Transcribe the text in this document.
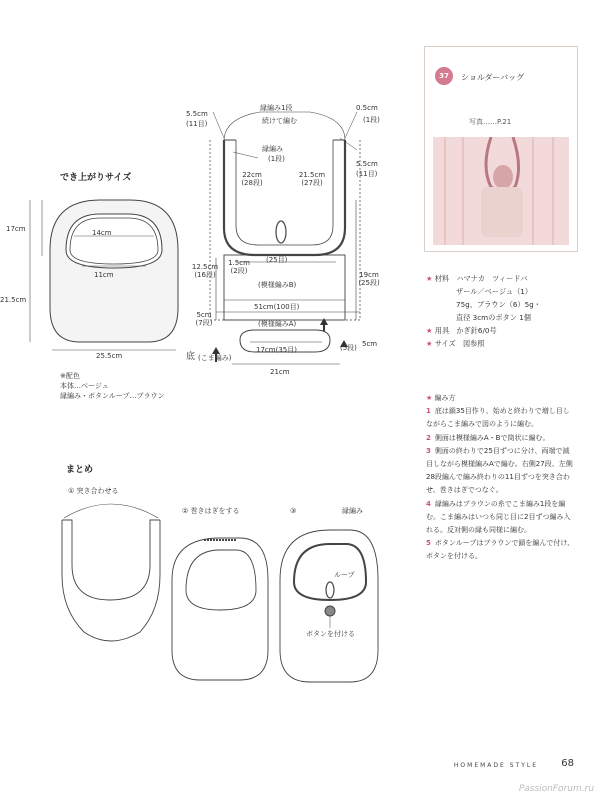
でき上がりサイズ
17cm
21.5cm
14cm
11cm
25.5cm
※配色
本体…ベージュ
縁編み・ボタンループ…ブラウン
縁編み1段
続けて編む
5.5cm
(11目)
0.5cm
(1段)
5.5cm
(11目)
縁編み
(1段)
22cm
(28段)
21.5cm
(27段)
(25目)
12.5cm
(16段)
1.5cm
(2段)
(模様編みB)
19cm
(25段)
51cm(100目)
(模様編みA)
5cm
(7段)
底 (こま編み)
17cm(35目)	(5段) 5cm
21cm
まとめ
① 突き合わせる
② 巻きはぎをする	③	縁編み
ループ
ボタンを付ける
37	ショルダーバッグ
写真……P.21
★ 材料　 ハマナカ　ツィードバ
ザール／ベージュ（1）
75g、ブラウン（6）5g・
直径 3cmのボタン 1個
★ 用具　 かぎ針6/0号
★ サイズ　 図参照
★ 編み方
1 底は鎖35目作り、始めと終わりで増し目しながらこま編みで図のように編む。
2 側面は模様編みA・Bで筒状に編む。
3 側面の終わりで25目ずつに分け、両端で減目しながら模様編みAで編む。右側27段、左側28段編んで編み終わりの11目ずつを突き合わせ、巻きはぎでつなぐ。
4 縁編みはブラウンの糸でこま編み1段を編む。こま編みはいつも同じ目に2目ずつ編み入れる。反対側の縁も同様に編む。
5 ボタンループはブラウンで鎖を編んで付け、ボタンを付ける。
HOMEMADE STYLE 68
PassionForum.ru
